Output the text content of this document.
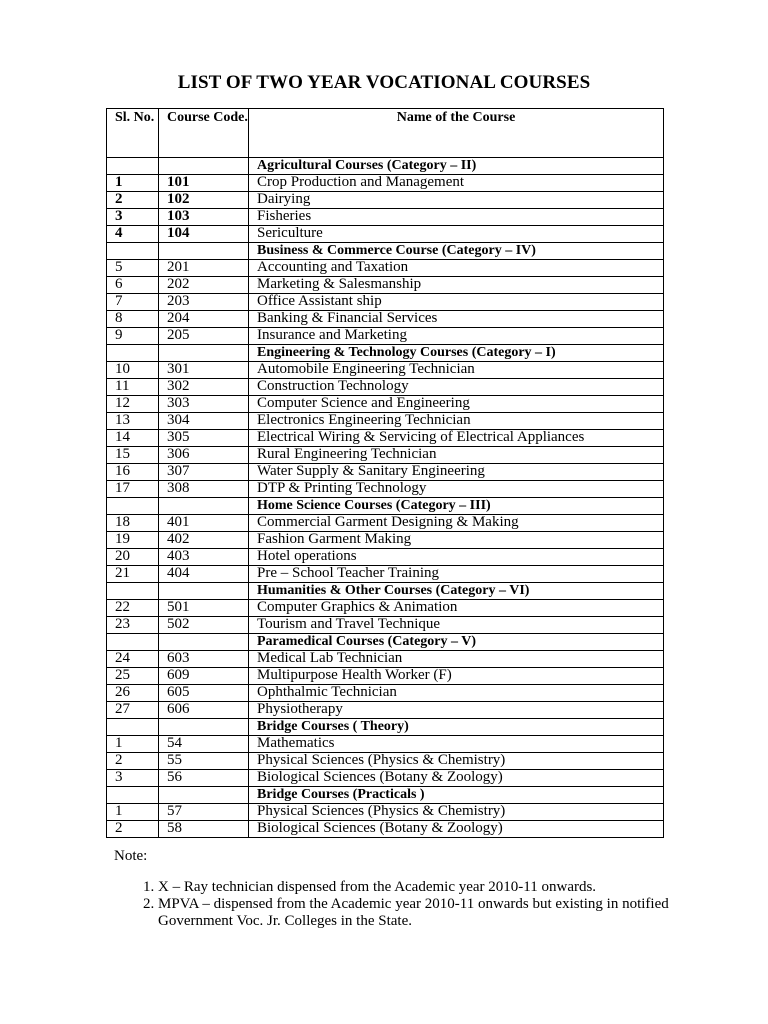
LIST OF TWO YEAR VOCATIONAL COURSES
Sl. No.	Course Code.	Name of the Course
		Agricultural Courses (Category – II)
1	101	Crop Production and Management
2	102	Dairying
3	103	Fisheries
4	104	Sericulture
		Business & Commerce Course (Category – IV)
5	201	Accounting and Taxation
6	202	Marketing & Salesmanship
7	203	Office Assistant ship
8	204	Banking & Financial Services
9	205	Insurance and Marketing
		Engineering & Technology Courses (Category – I)
10	301	Automobile Engineering Technician
11	302	Construction Technology
12	303	Computer Science and Engineering
13	304	Electronics Engineering Technician
14	305	Electrical Wiring & Servicing of Electrical Appliances
15	306	Rural Engineering Technician
16	307	Water Supply & Sanitary Engineering
17	308	DTP & Printing Technology
		Home Science Courses (Category – III)
18	401	Commercial Garment Designing & Making
19	402	Fashion Garment Making
20	403	Hotel operations
21	404	Pre – School Teacher Training
		Humanities & Other Courses (Category – VI)
22	501	Computer Graphics & Animation
23	502	Tourism and Travel Technique
		Paramedical Courses (Category – V)
24	603	Medical Lab Technician
25	609	Multipurpose Health Worker (F)
26	605	Ophthalmic Technician
27	606	Physiotherapy
		Bridge Courses ( Theory)
1	54	Mathematics
2	55	Physical Sciences (Physics & Chemistry)
3	56	Biological Sciences (Botany & Zoology)
		Bridge Courses (Practicals )
1	57	Physical Sciences (Physics & Chemistry)
2	58	Biological Sciences (Botany & Zoology)
Note:
1. X – Ray technician dispensed from the Academic year 2010-11 onwards.
2. MPVA – dispensed from the Academic year 2010-11 onwards but existing in notified Government Voc. Jr. Colleges in the State.
